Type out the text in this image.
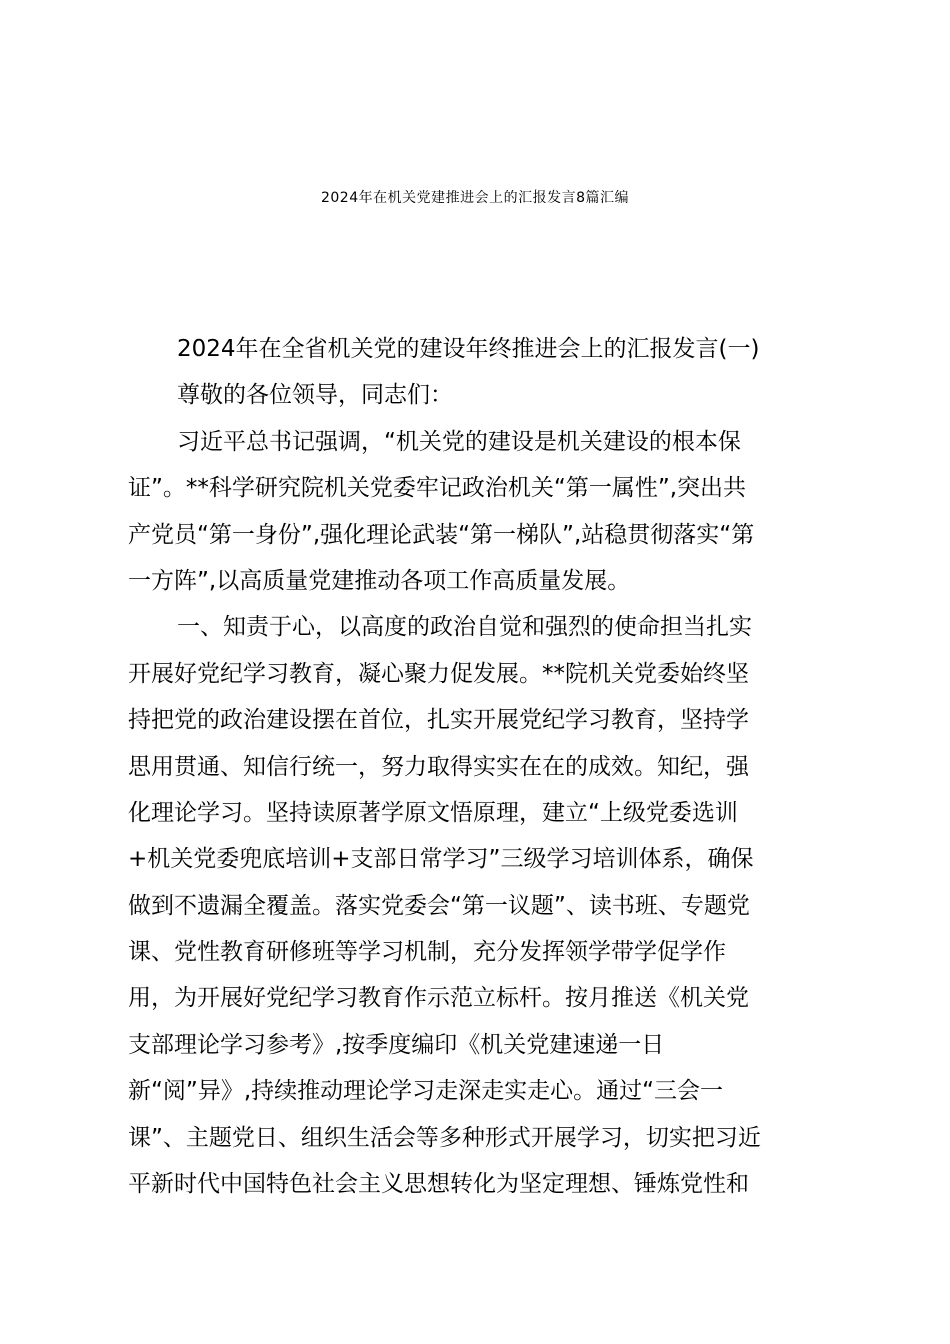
2024年在机关党建推进会上的汇报发言8篇汇编
2024年在全省机关党的建设年终推进会上的汇报发言(一)
尊敬的各位领导，同志们：
习近平总书记强调，“机关党的建设是机关建设的根本保
证”。**科学研究院机关党委牢记政治机关“第一属性”,突出共
产党员“第一身份”,强化理论武装“第一梯队”,站稳贯彻落实“第
一方阵”,以高质量党建推动各项工作高质量发展。
一、知责于心，以高度的政治自觉和强烈的使命担当扎实
开展好党纪学习教育，凝心聚力促发展。**院机关党委始终坚
持把党的政治建设摆在首位，扎实开展党纪学习教育，坚持学
思用贯通、知信行统一，努力取得实实在在的成效。知纪，强
化理论学习。坚持读原著学原文悟原理，建立“上级党委选训
+机关党委兜底培训+支部日常学习”三级学习培训体系，确保
做到不遗漏全覆盖。落实党委会“第一议题”、读书班、专题党
课、党性教育研修班等学习机制，充分发挥领学带学促学作
用，为开展好党纪学习教育作示范立标杆。按月推送《机关党
支部理论学习参考》,按季度编印《机关党建速递一日
新“阅”异》,持续推动理论学习走深走实走心。通过“三会一
课”、主题党日、组织生活会等多种形式开展学习，切实把习近
平新时代中国特色社会主义思想转化为坚定理想、锤炼党性和
